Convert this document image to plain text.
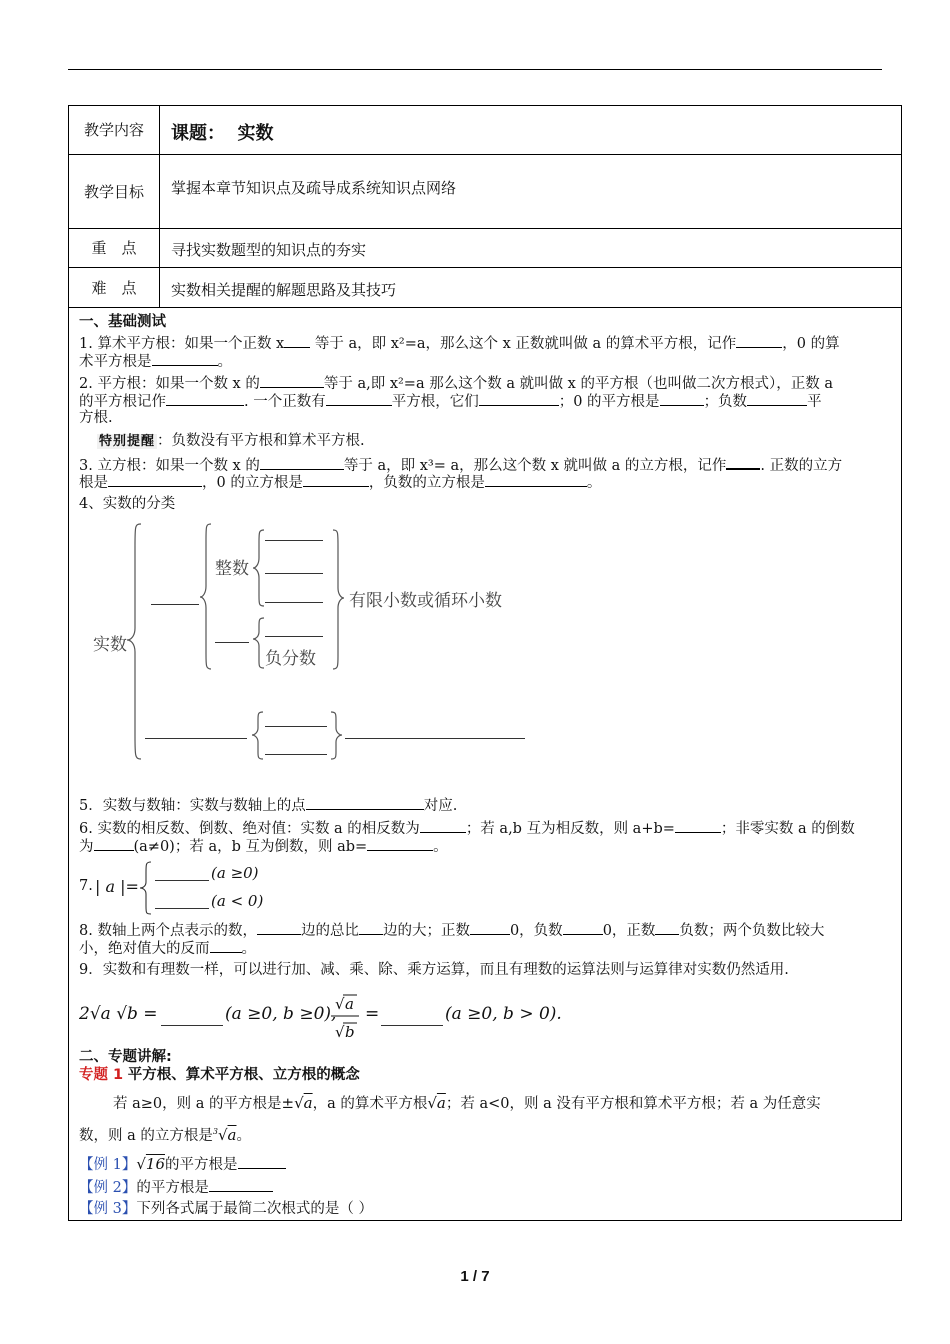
教学内容	课题： 实数
教学目标	掌握本章节知识点及疏导成系统知识点网络
重　点	寻找实数题型的知识点的夯实
难　点	实数相关提醒的解题思路及其技巧
一、基础测试
1. 算术平方根：如果一个正数 x 等于 a，即 x²=a，那么这个 x 正数就叫做 a 的算术平方根，记作	，0 的算
术平方根是	。
2. 平方根：如果一个数 x 的	等于 a,即 x²=a 那么这个数 a 就叫做 x 的平方根（也叫做二次方根式），正数 a
的平方根记作	. 一个正数有	平方根，它们	；0 的平方根是	；负数	平
方根.
特别提醒 ：负数没有平方根和算术平方根.
3. 立方根：如果一个数 x 的	等于 a，即 x³= a，那么这个数 x 就叫做 a 的立方根，记作 . 正数的立方
根是	，0 的立方根是	，负数的立方根是	。
4、实数的分类
实数
整数
有限小数或循环小数
负分数
5．实数与数轴：实数与数轴上的点	对应.
6. 实数的相反数、倒数、绝对值：实数 a 的相反数为	；若 a,b 互为相反数，则 a+b=	；非零实数 a 的倒数
为	(a≠0)；若 a，b 互为倒数，则 ab=	。
7. | a |=
(a ≥0)
(a < 0)
8. 数轴上两个点表示的数，	边的总比 边的大；正数	0，负数	0，正数 负数；两个负数比较大
小，绝对值大的反而 。
9．实数和有理数一样，可以进行加、减、乘、除、乘方运算，而且有理数的运算法则与运算律对实数仍然适用.
2√a √b =	(a ≥0, b ≥0),
√ a
√ b
=	(a ≥0, b > 0).
二、专题讲解:
专题 1 平方根、算术平方根、立方根的概念
若 a≥0，则 a 的平方根是±√a，a 的算术平方根√a；若 a<0，则 a 没有平方根和算术平方根；若 a 为任意实
数，则 a 的立方根是$^3$√a。
【例 1】√16的平方根是
【例 2】的平方根是
【例 3】下列各式属于最简二次根式的是（ ）
1 / 7
